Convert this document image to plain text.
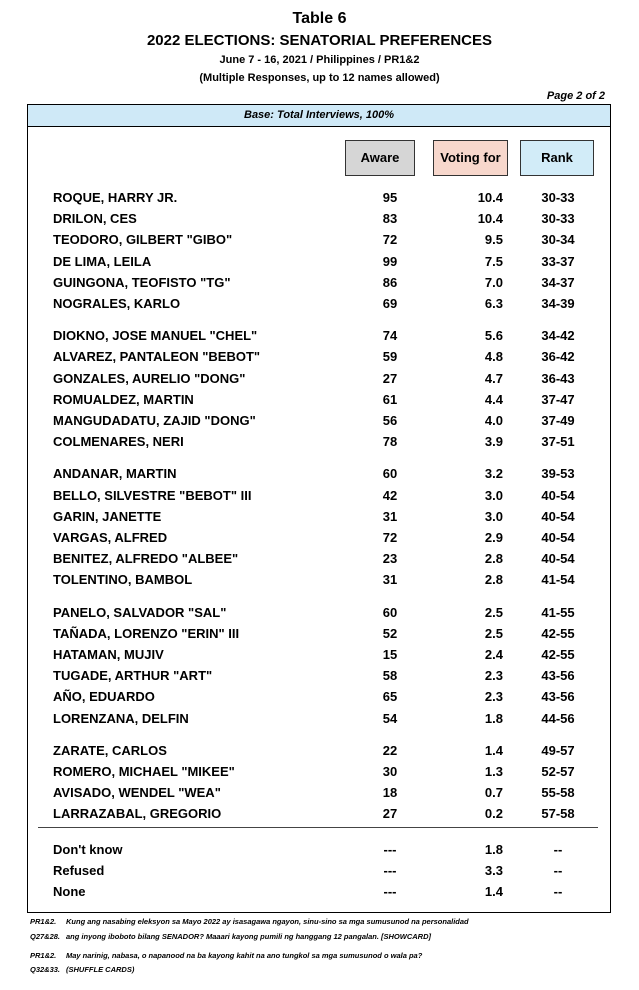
Table 6
2022 ELECTIONS: SENATORIAL PREFERENCES
June 7 - 16, 2021 / Philippines / PR1&2
(Multiple Responses, up to 12 names allowed)
Page 2 of 2
Base: Total Interviews, 100%
Aware	Voting for	Rank
ROQUE, HARRY JR.	95	10.4	30-33
DRILON, CES	83	10.4	30-33
TEODORO, GILBERT "GIBO"	72	9.5	30-34
DE LIMA, LEILA	99	7.5	33-37
GUINGONA, TEOFISTO "TG"	86	7.0	34-37
NOGRALES, KARLO	69	6.3	34-39
DIOKNO, JOSE MANUEL "CHEL"	74	5.6	34-42
ALVAREZ, PANTALEON "BEBOT"	59	4.8	36-42
GONZALES, AURELIO "DONG"	27	4.7	36-43
ROMUALDEZ, MARTIN	61	4.4	37-47
MANGUDADATU, ZAJID "DONG"	56	4.0	37-49
COLMENARES, NERI	78	3.9	37-51
ANDANAR, MARTIN	60	3.2	39-53
BELLO, SILVESTRE "BEBOT" III	42	3.0	40-54
GARIN, JANETTE	31	3.0	40-54
VARGAS, ALFRED	72	2.9	40-54
BENITEZ, ALFREDO "ALBEE"	23	2.8	40-54
TOLENTINO, BAMBOL	31	2.8	41-54
PANELO, SALVADOR "SAL"	60	2.5	41-55
TAÑADA, LORENZO "ERIN" III	52	2.5	42-55
HATAMAN, MUJIV	15	2.4	42-55
TUGADE, ARTHUR "ART"	58	2.3	43-56
AÑO, EDUARDO	65	2.3	43-56
LORENZANA, DELFIN	54	1.8	44-56
ZARATE, CARLOS	22	1.4	49-57
ROMERO, MICHAEL "MIKEE"	30	1.3	52-57
AVISADO, WENDEL "WEA"	18	0.7	55-58
LARRAZABAL, GREGORIO	27	0.2	57-58
Don't know	---	1.8	--
Refused	---	3.3	--
None	---	1.4	--
PR1&2. Kung ang nasabing eleksyon sa Mayo 2022 ay isasagawa ngayon, sinu-sino sa mga sumusunod na personalidad
Q27&28. ang inyong iboboto bilang SENADOR? Maaari kayong pumili ng hanggang 12 pangalan. [SHOWCARD]
PR1&2. May narinig, nabasa, o napanood na ba kayong kahit na ano tungkol sa mga sumusunod o wala pa?
Q32&33. (SHUFFLE CARDS)
